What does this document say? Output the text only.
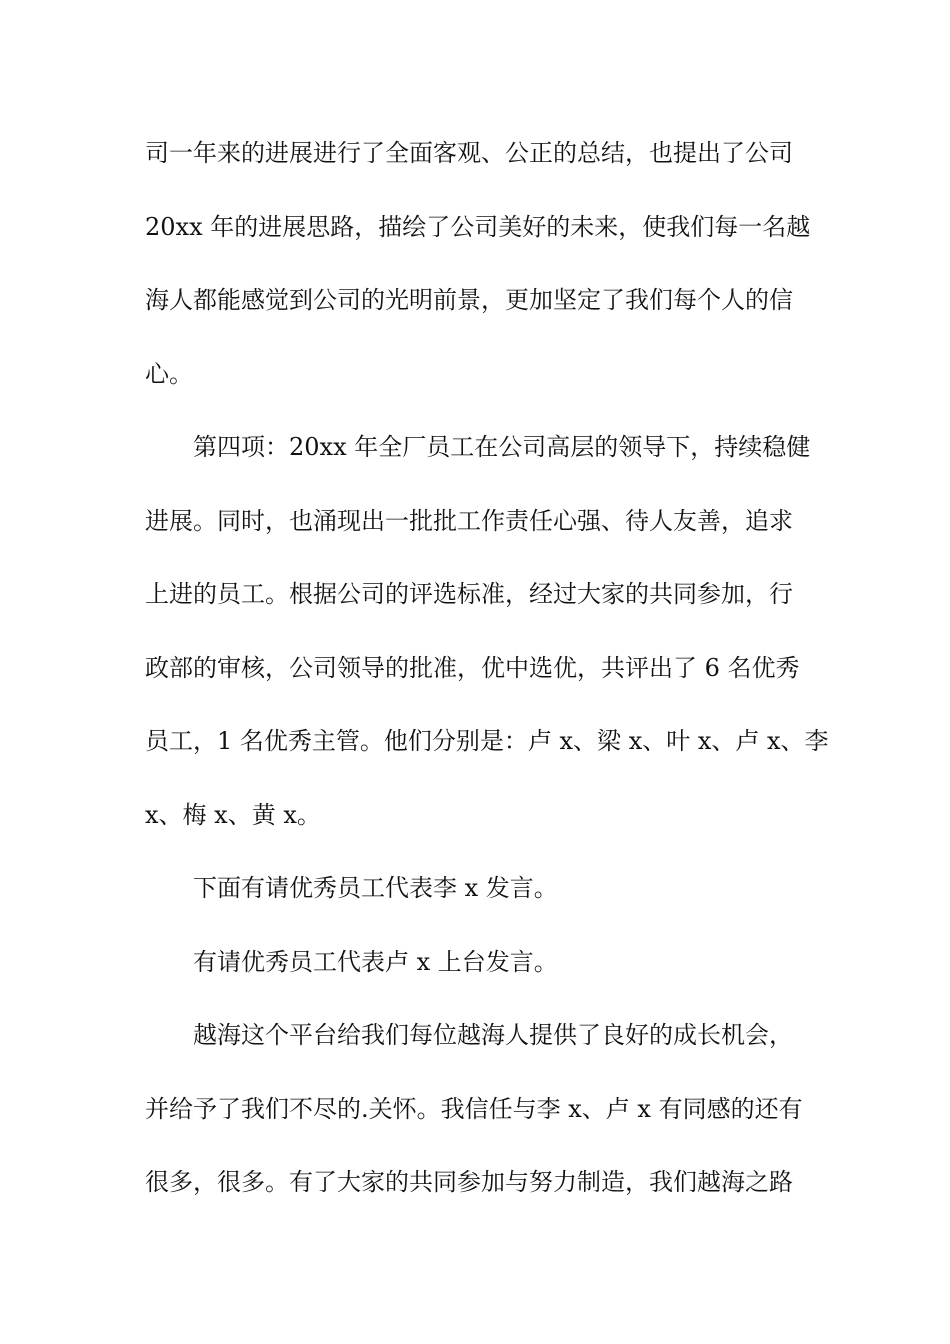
司一年来的进展进行了全面客观、公正的总结，也提出了公司
20xx 年的进展思路，描绘了公司美好的未来，使我们每一名越
海人都能感觉到公司的光明前景，更加坚定了我们每个人的信
心。
第四项：20xx 年全厂员工在公司高层的领导下，持续稳健
进展。同时，也涌现出一批批工作责任心强、待人友善，追求
上进的员工。根据公司的评选标准，经过大家的共同参加，行
政部的审核，公司领导的批准，优中选优，共评出了 6 名优秀
员工，1 名优秀主管。他们分别是：卢 x、梁 x、叶 x、卢 x、李
x、梅 x、黄 x。
下面有请优秀员工代表李 x 发言。
有请优秀员工代表卢 x 上台发言。
越海这个平台给我们每位越海人提供了良好的成长机会，
并给予了我们不尽的.关怀。我信任与李 x、卢 x 有同感的还有
很多，很多。有了大家的共同参加与努力制造，我们越海之路
